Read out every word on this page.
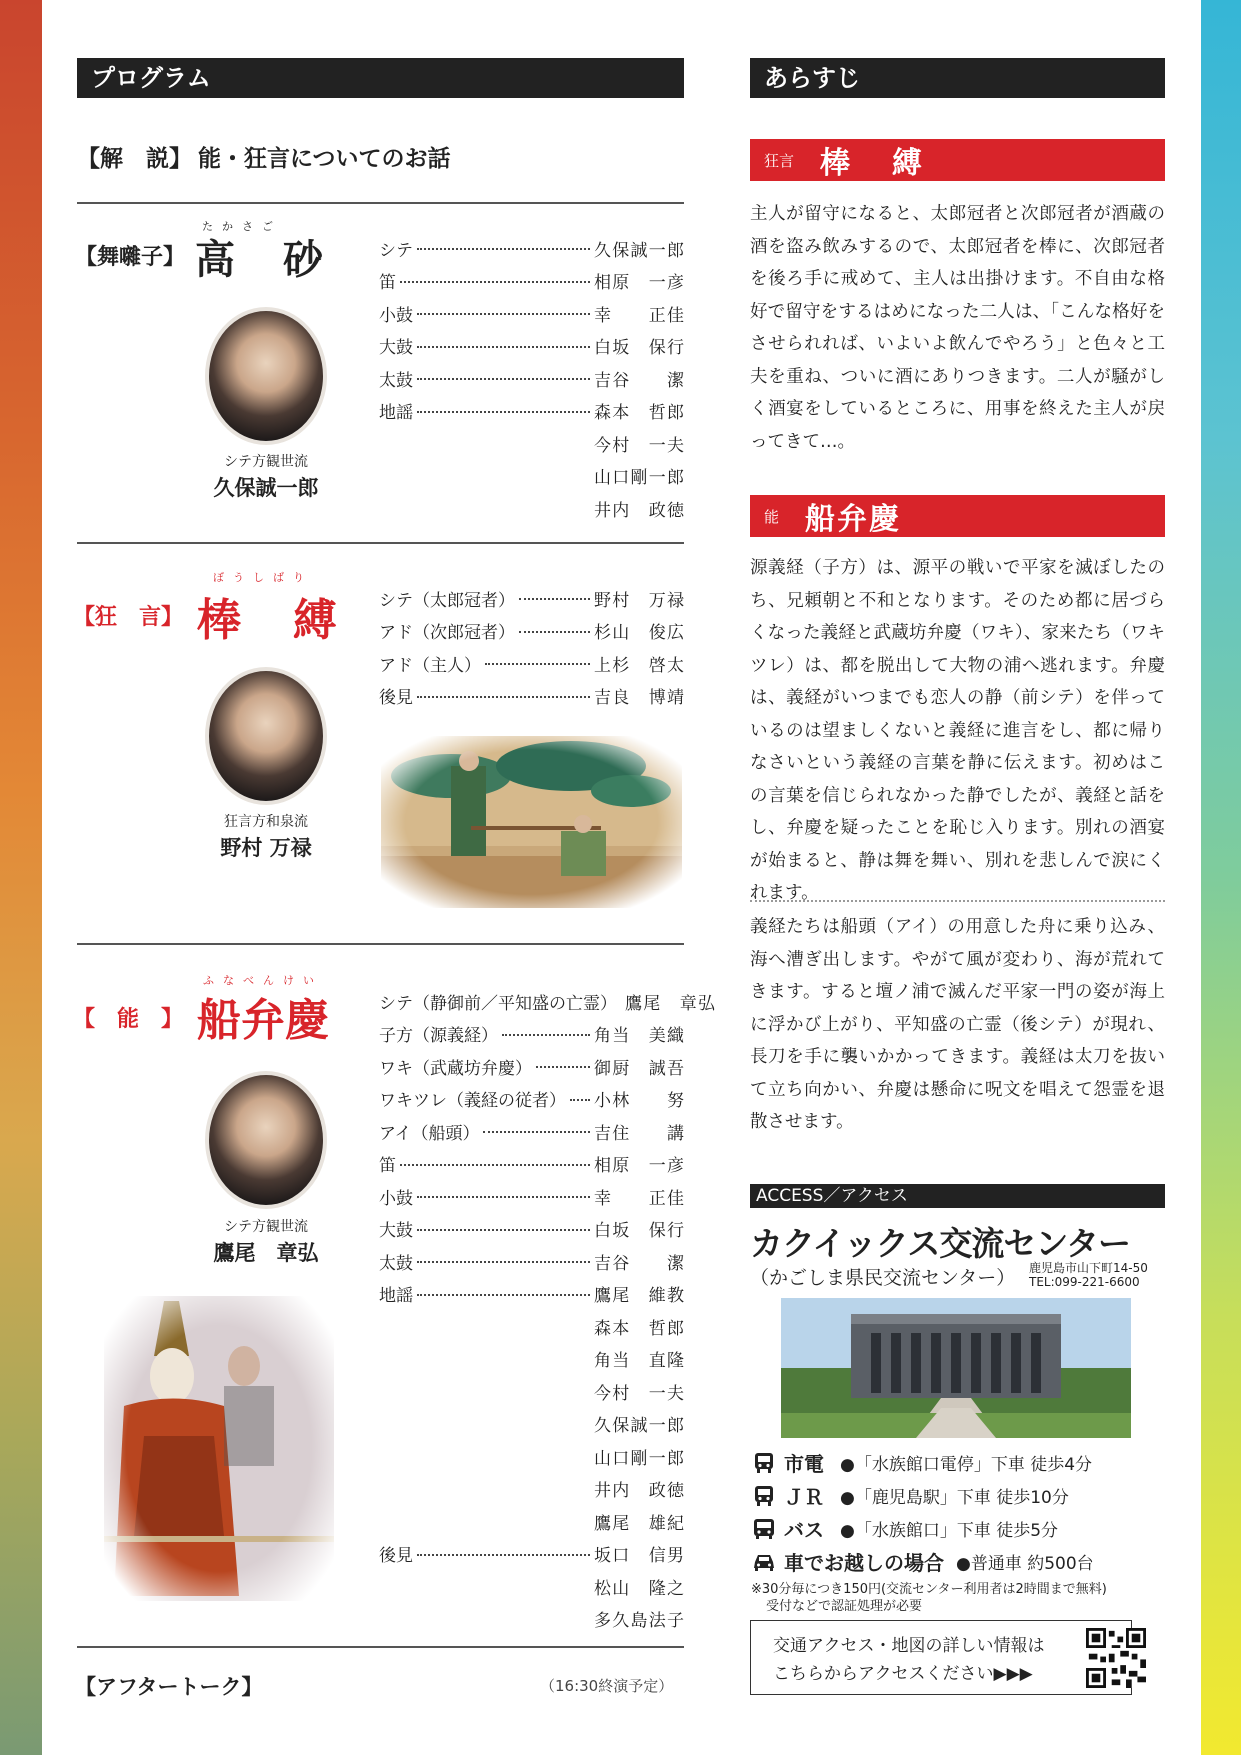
プログラム
【解　説】 能・狂言についてのお話
【舞囃子】
たかさご
高　砂	シテ	久保誠一郎
笛	相原　一彦
小鼓	幸　　正佳
大鼓	白坂　保行
太鼓	吉谷　　潔
地謡	森本　哲郎
今村　一夫
山口剛一郎
井内　政徳
シテ方観世流
久保誠一郎
【狂　言】
ぼうしばり
棒　縛 シテ（太郎冠者）	野村　万禄
アド（次郎冠者）	杉山　俊広
アド（主人）	上杉　啓太
後見	吉良　博靖
狂言方和泉流
野村 万禄
【　能　】
ふなべんけい
船弁慶	シテ（静御前／平知盛の亡霊） 鷹尾　章弘
子方（源義経）	角当　美織
ワキ（武蔵坊弁慶）	御厨　誠吾
ワキツレ（義経の従者） 小林　　努
アイ（船頭）	吉住　　講
笛	相原　一彦
小鼓	幸　　正佳
大鼓	白坂　保行
太鼓	吉谷　　潔
地謡	鷹尾　維教
森本　哲郎
角当　直隆
今村　一夫
久保誠一郎
山口剛一郎
井内　政徳
鷹尾　雄紀
後見	坂口　信男
松山　隆之
多久島法子
シテ方観世流
鷹尾　章弘
【アフタートーク】	（16:30終演予定）
あらすじ
狂言 棒　縛
主人が留守になると、太郎冠者と次郎冠者が酒蔵の酒を盗み飲みするので、太郎冠者を棒に、次郎冠者を後ろ手に戒めて、主人は出掛けます。不自由な格好で留守をするはめになった二人は、「こんな格好をさせられれば、いよいよ飲んでやろう」と色々と工夫を重ね、ついに酒にありつきます。二人が騒がしく酒宴をしているところに、用事を終えた主人が戻ってきて…。
能 船弁慶
源義経（子方）は、源平の戦いで平家を滅ぼしたのち、兄頼朝と不和となります。そのため都に居づらくなった義経と武蔵坊弁慶（ワキ）、家来たち（ワキツレ）は、都を脱出して大物の浦へ逃れます。弁慶は、義経がいつまでも恋人の静（前シテ）を伴っているのは望ましくないと義経に進言をし、都に帰りなさいという義経の言葉を静に伝えます。初めはこの言葉を信じられなかった静でしたが、義経と話をし、弁慶を疑ったことを恥じ入ります。別れの酒宴が始まると、静は舞を舞い、別れを悲しんで涙にくれます。
義経たちは船頭（アイ）の用意した舟に乗り込み、海へ漕ぎ出します。やがて風が変わり、海が荒れてきます。すると壇ノ浦で滅んだ平家一門の姿が海上に浮かび上がり、平知盛の亡霊（後シテ）が現れ、長刀を手に襲いかかってきます。義経は太刀を抜いて立ち向かい、弁慶は懸命に呪文を唱えて怨霊を退散させます。
ACCESS／アクセス
カクイックス交流センター
（かごしま県民交流センター） 鹿児島市山下町14-50
TEL:099-221-6600
市電 ●「水族館口電停」下車 徒歩4分
ＪＲ ●「鹿児島駅」下車 徒歩10分
バス ●「水族館口」下車 徒歩5分
車でお越しの場合 ●普通車 約500台
※30分毎につき150円(交流センター利用者は2時間まで無料)
受付などで認証処理が必要
交通アクセス・地図の詳しい情報は
こちらからアクセスください▶▶▶
